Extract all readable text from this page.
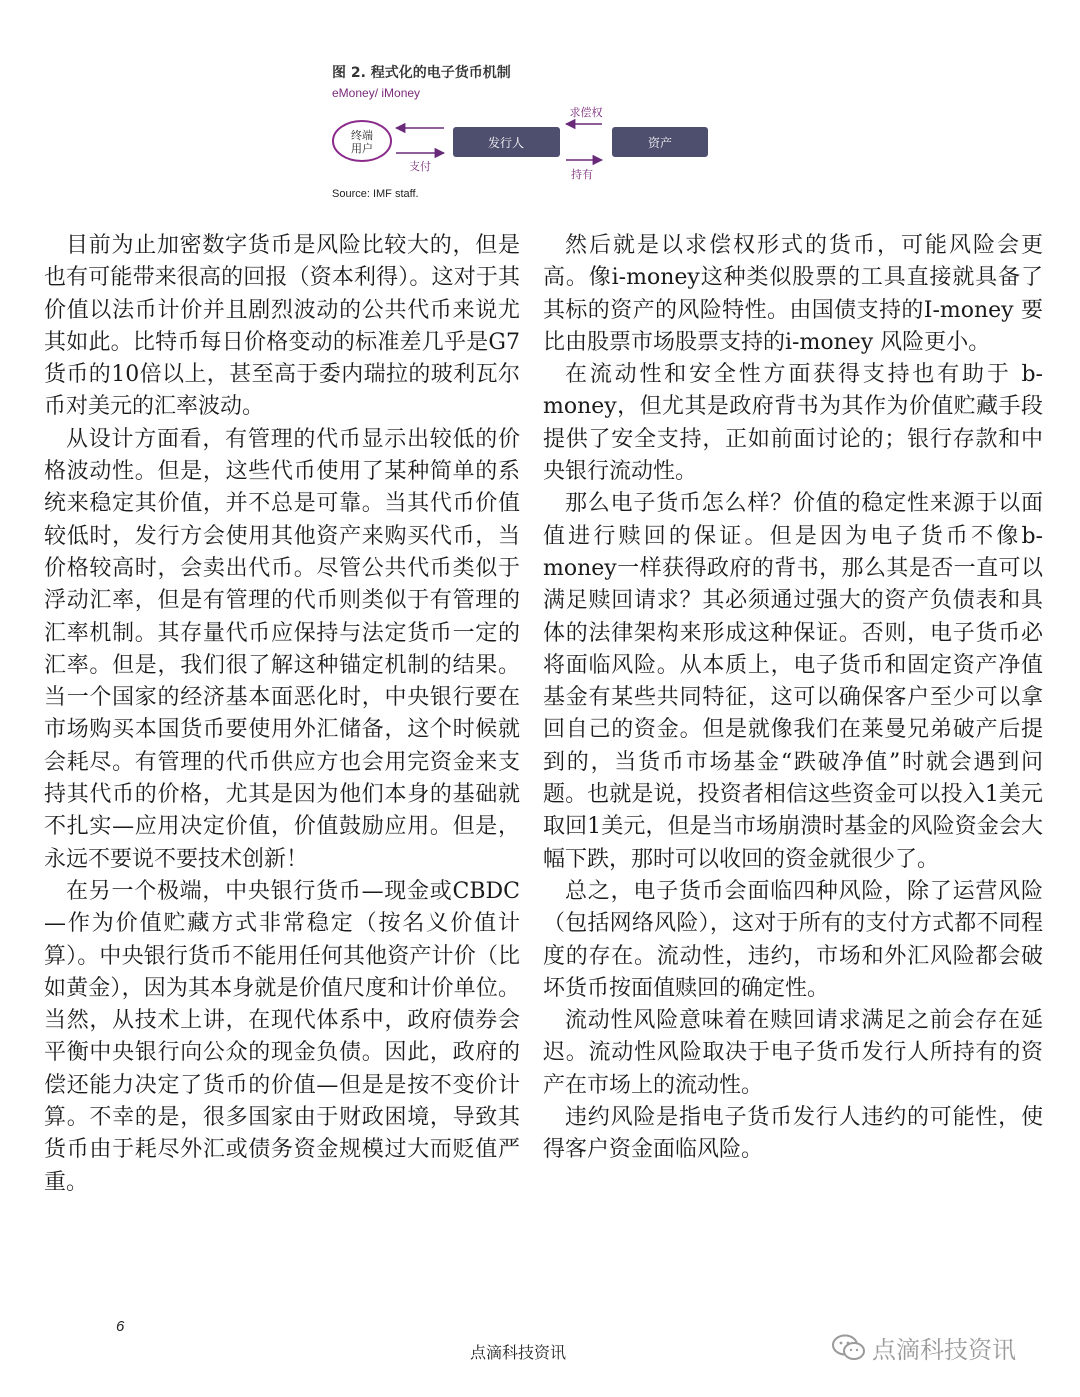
图 2. 程式化的电子货币机制
eMoney/ iMoney
终端用户	发行人	资产
支付
求偿权
持有
Source: IMF staff.

目前为止加密数字货币是风险比较大的，但是也有可能带来很高的回报（资本利得）。这对于其价值以法币计价并且剧烈波动的公共代币来说尤其如此。比特币每日价格变动的标准差几乎是G7货币的10倍以上，甚至高于委内瑞拉的玻利瓦尔币对美元的汇率波动。

从设计方面看，有管理的代币显示出较低的价格波动性。但是，这些代币使用了某种简单的系统来稳定其价值，并不总是可靠。当其代币价值较低时，发行方会使用其他资产来购买代币，当价格较高时，会卖出代币。尽管公共代币类似于浮动汇率，但是有管理的代币则类似于有管理的汇率机制。其存量代币应保持与法定货币一定的汇率。但是，我们很了解这种锚定机制的结果。当一个国家的经济基本面恶化时，中央银行要在市场购买本国货币要使用外汇储备，这个时候就会耗尽。有管理的代币供应方也会用完资金来支持其代币的价格，尤其是因为他们本身的基础就不扎实—应用决定价值，价值鼓励应用。但是，永远不要说不要技术创新！

在另一个极端，中央银行货币—现金或CBDC—作为价值贮藏方式非常稳定（按名义价值计算）。中央银行货币不能用任何其他资产计价（比如黄金），因为其本身就是价值尺度和计价单位。当然，从技术上讲，在现代体系中，政府债券会平衡中央银行向公众的现金负债。因此，政府的偿还能力决定了货币的价值—但是是按不变价计算。不幸的是，很多国家由于财政困境，导致其货币由于耗尽外汇或债务资金规模过大而贬值严重。

然后就是以求偿权形式的货币，可能风险会更高。像i-money这种类似股票的工具直接就具备了其标的资产的风险特性。由国债支持的I-money 要比由股票市场股票支持的i-money 风险更小。

在流动性和安全性方面获得支持也有助于 b-money，但尤其是政府背书为其作为价值贮藏手段提供了安全支持，正如前面讨论的；银行存款和中央银行流动性。

那么电子货币怎么样？价值的稳定性来源于以面值进行赎回的保证。但是因为电子货币不像b-money一样获得政府的背书，那么其是否一直可以满足赎回请求？其必须通过强大的资产负债表和具体的法律架构来形成这种保证。否则，电子货币必将面临风险。从本质上，电子货币和固定资产净值基金有某些共同特征，这可以确保客户至少可以拿回自己的资金。但是就像我们在莱曼兄弟破产后提到的，当货币市场基金“跌破净值”时就会遇到问题。也就是说，投资者相信这些资金可以投入1美元取回1美元，但是当市场崩溃时基金的风险资金会大幅下跌，那时可以收回的资金就很少了。

总之，电子货币会面临四种风险，除了运营风险（包括网络风险），这对于所有的支付方式都不同程度的存在。流动性，违约，市场和外汇风险都会破坏货币按面值赎回的确定性。

流动性风险意味着在赎回请求满足之前会存在延迟。流动性风险取决于电子货币发行人所持有的资产在市场上的流动性。

违约风险是指电子货币发行人违约的可能性，使得客户资金面临风险。

6
点滴科技资讯	点滴科技资讯
